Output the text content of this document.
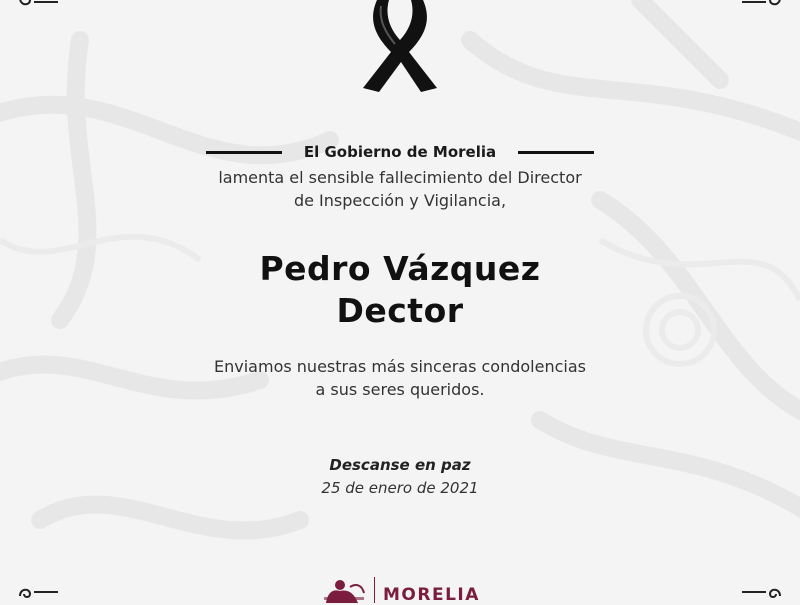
El Gobierno de Morelia
lamenta el sensible fallecimiento del Director
de Inspección y Vigilancia,
Pedro Vázquez
Dector
Enviamos nuestras más sinceras condolencias
a sus seres queridos.
Descanse en paz
25 de enero de 2021
MORELIA
